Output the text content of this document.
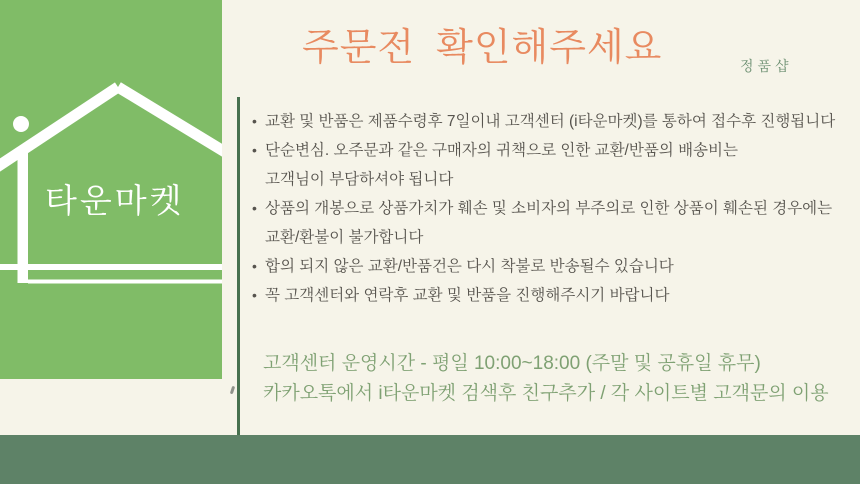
타운마켓
주문전  확인해주세요	정품샵
• 교환 및 반품은 제품수령후 7일이내 고객센터 (i타운마켓)를 통하여 접수후 진행됩니다
• 단순변심. 오주문과 같은 구매자의 귀책으로 인한 교환/반품의 배송비는
고객님이 부담하셔야 됩니다
• 상품의 개봉으로 상품가치가 훼손 및 소비자의 부주의로 인한 상품이 훼손된 경우에는
교환/환불이 불가합니다
• 합의 되지 않은 교환/반품건은 다시 착불로 반송될수 있습니다
• 꼭 고객센터와 연락후 교환 및 반품을 진행해주시기 바랍니다
고객센터 운영시간 - 평일 10:00~18:00 (주말 및 공휴일 휴무)
카카오톡에서 i타운마켓 검색후 친구추가 / 각 사이트별 고객문의 이용
